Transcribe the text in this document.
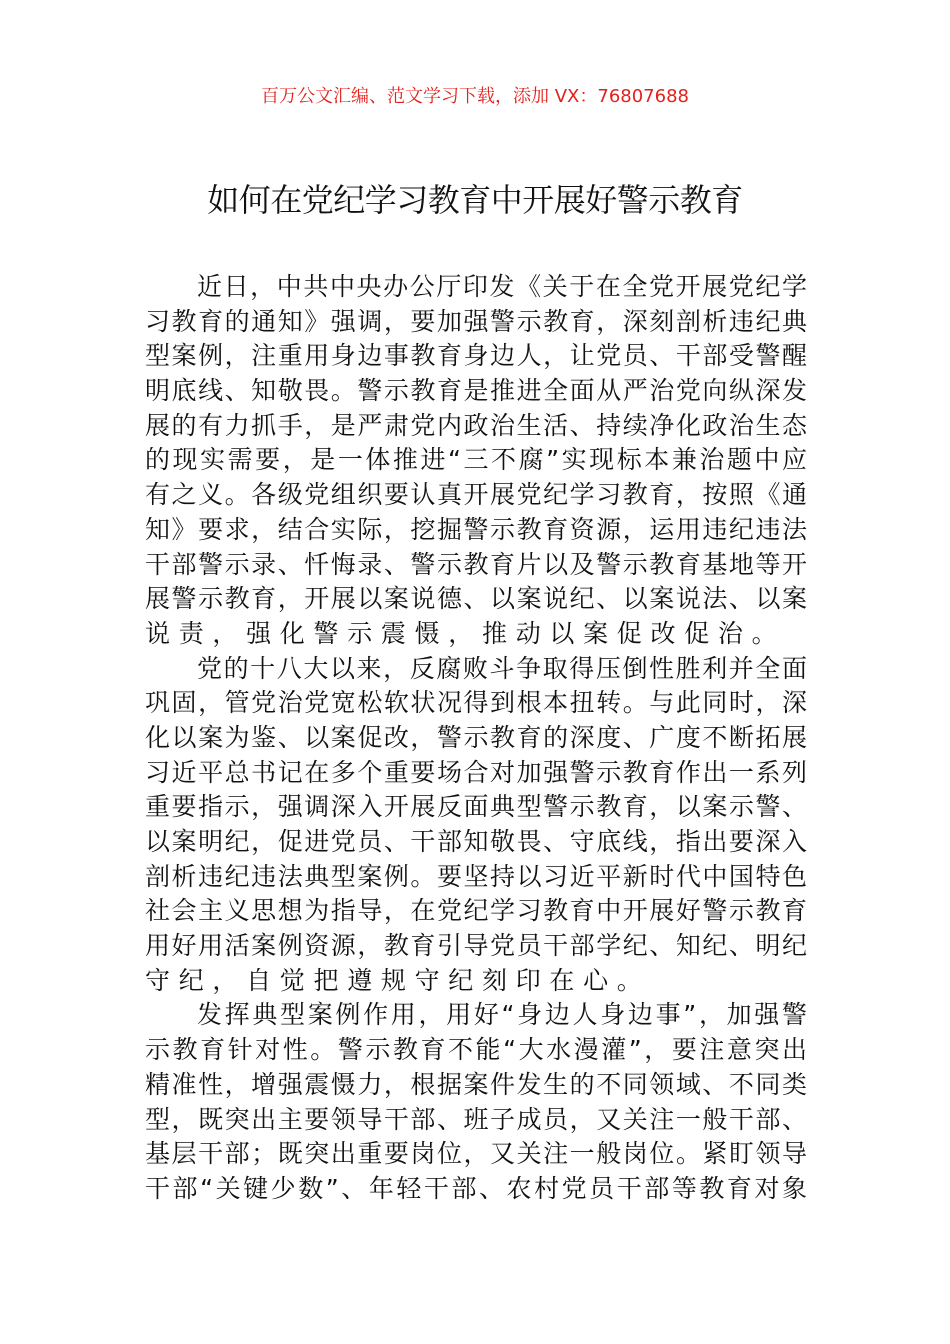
百万公文汇编、范文学习下载，添加 VX：76807688
如何在党纪学习教育中开展好警示教育
近日，中共中央办公厅印发《关于在全党开展党纪学
习教育的通知》强调，要加强警示教育，深刻剖析违纪典
型案例，注重用身边事教育身边人，让党员、干部受警醒
明底线、知敬畏。警示教育是推进全面从严治党向纵深发
展的有力抓手，是严肃党内政治生活、持续净化政治生态
的现实需要，是一体推进“三不腐”实现标本兼治题中应
有之义。各级党组织要认真开展党纪学习教育，按照《通
知》要求，结合实际，挖掘警示教育资源，运用违纪违法
干部警示录、忏悔录、警示教育片以及警示教育基地等开
展警示教育，开展以案说德、以案说纪、以案说法、以案
说责，强化警示震慑，推动以案促改促治。
党的十八大以来，反腐败斗争取得压倒性胜利并全面
巩固，管党治党宽松软状况得到根本扭转。与此同时，深
化以案为鉴、以案促改，警示教育的深度、广度不断拓展
习近平总书记在多个重要场合对加强警示教育作出一系列
重要指示，强调深入开展反面典型警示教育，以案示警、
以案明纪，促进党员、干部知敬畏、守底线，指出要深入
剖析违纪违法典型案例。要坚持以习近平新时代中国特色
社会主义思想为指导，在党纪学习教育中开展好警示教育
用好用活案例资源，教育引导党员干部学纪、知纪、明纪
守纪，自觉把遵规守纪刻印在心。
发挥典型案例作用，用好“身边人身边事”，加强警
示教育针对性。警示教育不能“大水漫灌”，要注意突出
精准性，增强震慑力，根据案件发生的不同领域、不同类
型，既突出主要领导干部、班子成员，又关注一般干部、
基层干部；既突出重要岗位，又关注一般岗位。紧盯领导
干部“关键少数”、年轻干部、农村党员干部等教育对象
